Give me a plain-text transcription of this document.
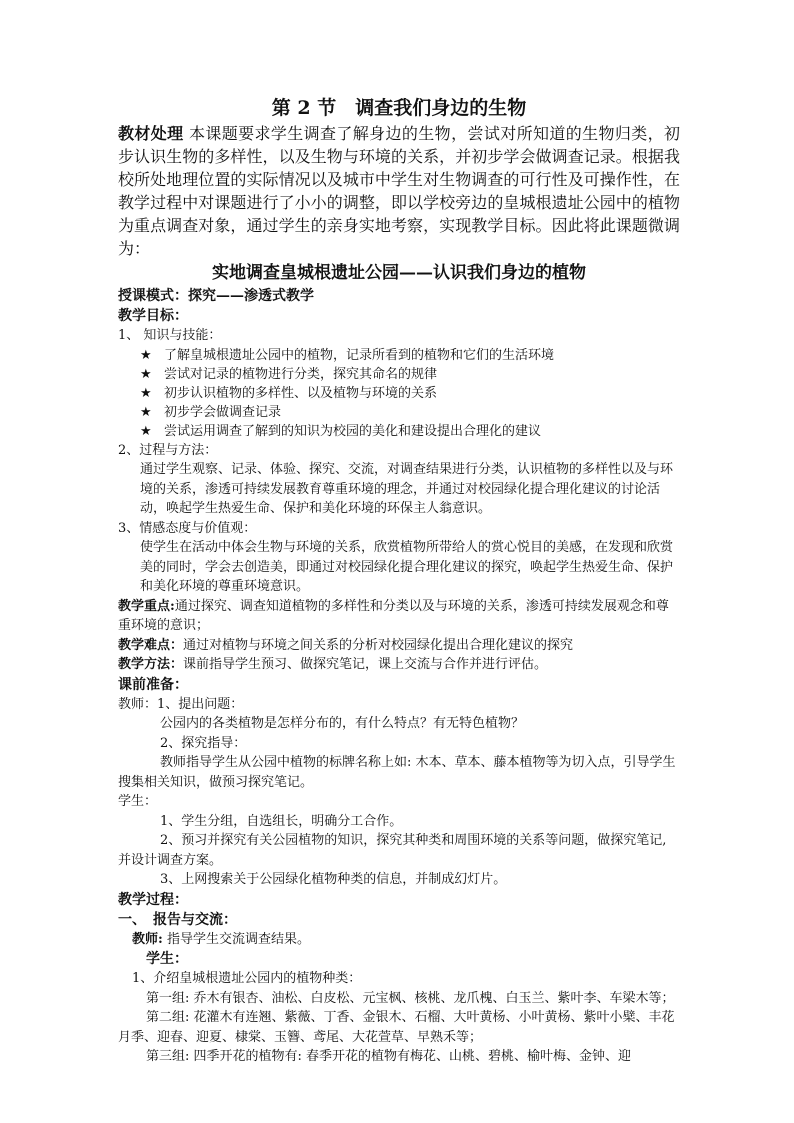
第 2 节　调查我们身边的生物

教材处理 本课题要求学生调查了解身边的生物，尝试对所知道的生物归类，初步认识生物的多样性，以及生物与环境的关系，并初步学会做调查记录。根据我校所处地理位置的实际情况以及城市中学生对生物调查的可行性及可操作性，在教学过程中对课题进行了小小的调整，即以学校旁边的皇城根遗址公园中的植物为重点调查对象，通过学生的亲身实地考察，实现教学目标。因此将此课题微调为：

实地调查皇城根遗址公园——认识我们身边的植物

授课模式：探究——渗透式教学

教学目标：

1、 知识与技能：

★ 了解皇城根遗址公园中的植物，记录所看到的植物和它们的生活环境
★ 尝试对记录的植物进行分类，探究其命名的规律
★ 初步认识植物的多样性、以及植物与环境的关系
★ 初步学会做调查记录
★ 尝试运用调查了解到的知识为校园的美化和建设提出合理化的建议

2、过程与方法：

通过学生观察、记录、体验、探究、交流，对调查结果进行分类，认识植物的多样性以及与环境的关系，渗透可持续发展教育尊重环境的理念，并通过对校园绿化提合理化建议的讨论活动，唤起学生热爱生命、保护和美化环境的环保主人翁意识。

3、情感态度与价值观：

使学生在活动中体会生物与环境的关系，欣赏植物所带给人的赏心悦目的美感，在发现和欣赏美的同时，学会去创造美，即通过对校园绿化提合理化建议的探究，唤起学生热爱生命、保护和美化环境的尊重环境意识。

教学重点:通过探究、调查知道植物的多样性和分类以及与环境的关系，渗透可持续发展观念和尊重环境的意识；

教学难点：通过对植物与环境之间关系的分析对校园绿化提出合理化建议的探究

教学方法：课前指导学生预习、做探究笔记，课上交流与合作并进行评估。

课前准备：

教师：1、提出问题：

公园内的各类植物是怎样分布的，有什么特点？有无特色植物？

2、探究指导：

教师指导学生从公园中植物的标牌名称上如: 木本、草本、藤本植物等为切入点，引导学生搜集相关知识，做预习探究笔记。

学生：

1、学生分组，自选组长，明确分工合作。

2、预习并探究有关公园植物的知识，探究其种类和周围环境的关系等问题，做探究笔记, 并设计调查方案。

3、上网搜索关于公园绿化植物种类的信息，并制成幻灯片。

教学过程：

一、　报告与交流：

教师: 指导学生交流调查结果。

学生：

1、介绍皇城根遗址公园内的植物种类：

第一组: 乔木有银杏、油松、白皮松、元宝枫、核桃、龙爪槐、白玉兰、紫叶李、车梁木等；

第二组: 花灌木有连翘、紫薇、丁香、金银木、石榴、大叶黄杨、小叶黄杨、紫叶小檗、丰花月季、迎春、迎夏、棣棠、玉簪、鸢尾、大花萱草、早熟禾等；

第三组: 四季开花的植物有: 春季开花的植物有梅花、山桃、碧桃、榆叶梅、金钟、迎
